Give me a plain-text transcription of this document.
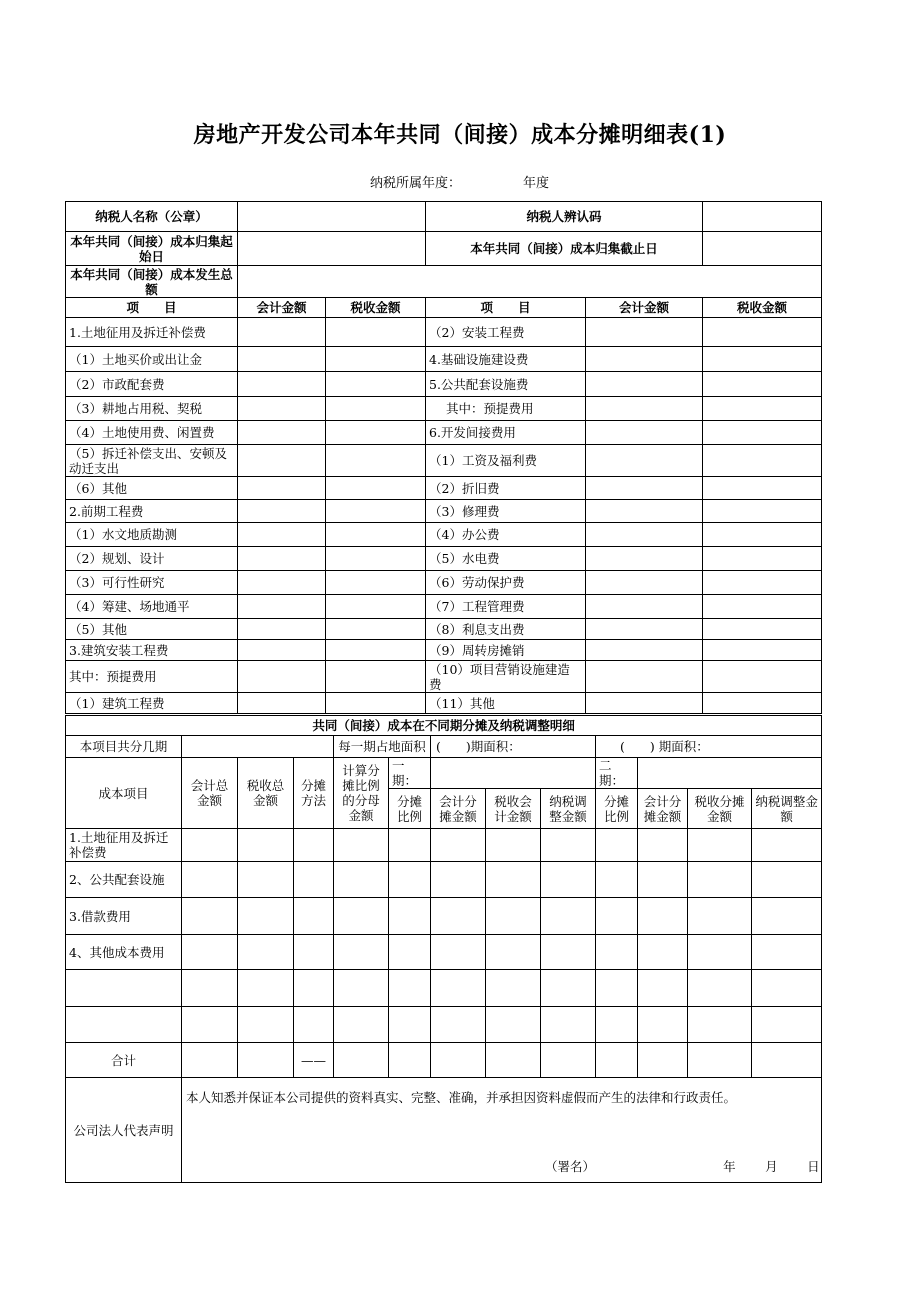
房地产开发公司本年共同（间接）成本分摊明细表(1)
纳税所属年度：	年度
纳税人名称（公章）			纳税人辨认码		
本年共同（间接）成本归集起始日			本年共同（间接）成本归集截止日		
本年共同（间接）成本发生总额					
项　　目	会计金额	税收金额	项　　目	会计金额	税收金额
1.土地征用及拆迁补偿费			（2）安装工程费		
（1）土地买价或出让金			4.基础设施建设费		
（2）市政配套费			5.公共配套设施费		
（3）耕地占用税、契税			其中：预提费用		
（4）土地使用费、闲置费			6.开发间接费用		
（5）拆迁补偿支出、安顿及动迁支出			（1）工资及福利费		
（6）其他			（2）折旧费		
2.前期工程费			（3）修理费		
（1）水文地质勘测			（4）办公费		
（2）规划、设计			（5）水电费		
（3）可行性研究			（6）劳动保护费		
（4）筹建、场地通平			（7）工程管理费		
（5）其他			（8）利息支出费		
3.建筑安装工程费			（9）周转房摊销		
其中：预提费用			（10）项目营销设施建造费		
（1）建筑工程费			（11）其他		
共同（间接）成本在不同期分摊及纳税调整明细												
本项目共分几期				每一期占地面积		(　　)期面积：			(　　) 期面积：			
成本项目	会计总金额	税收总金额	分摊方法	计算分摊比例的分母金额	一期：				二期：			
					分摊比例	会计分摊金额	税收会计金额	纳税调整金额	分摊比例	会计分摊金额	税收分摊金额	纳税调整金额
1.土地征用及拆迁补偿费												
2、公共配套设施												
3.借款费用												
4、其他成本费用												

合计			——									
公司法人代表声明	本人知悉并保证本公司提供的资料真实、完整、准确，并承担因资料虚假而产生的法律和行政责任。
（署名） 年 月 日											
